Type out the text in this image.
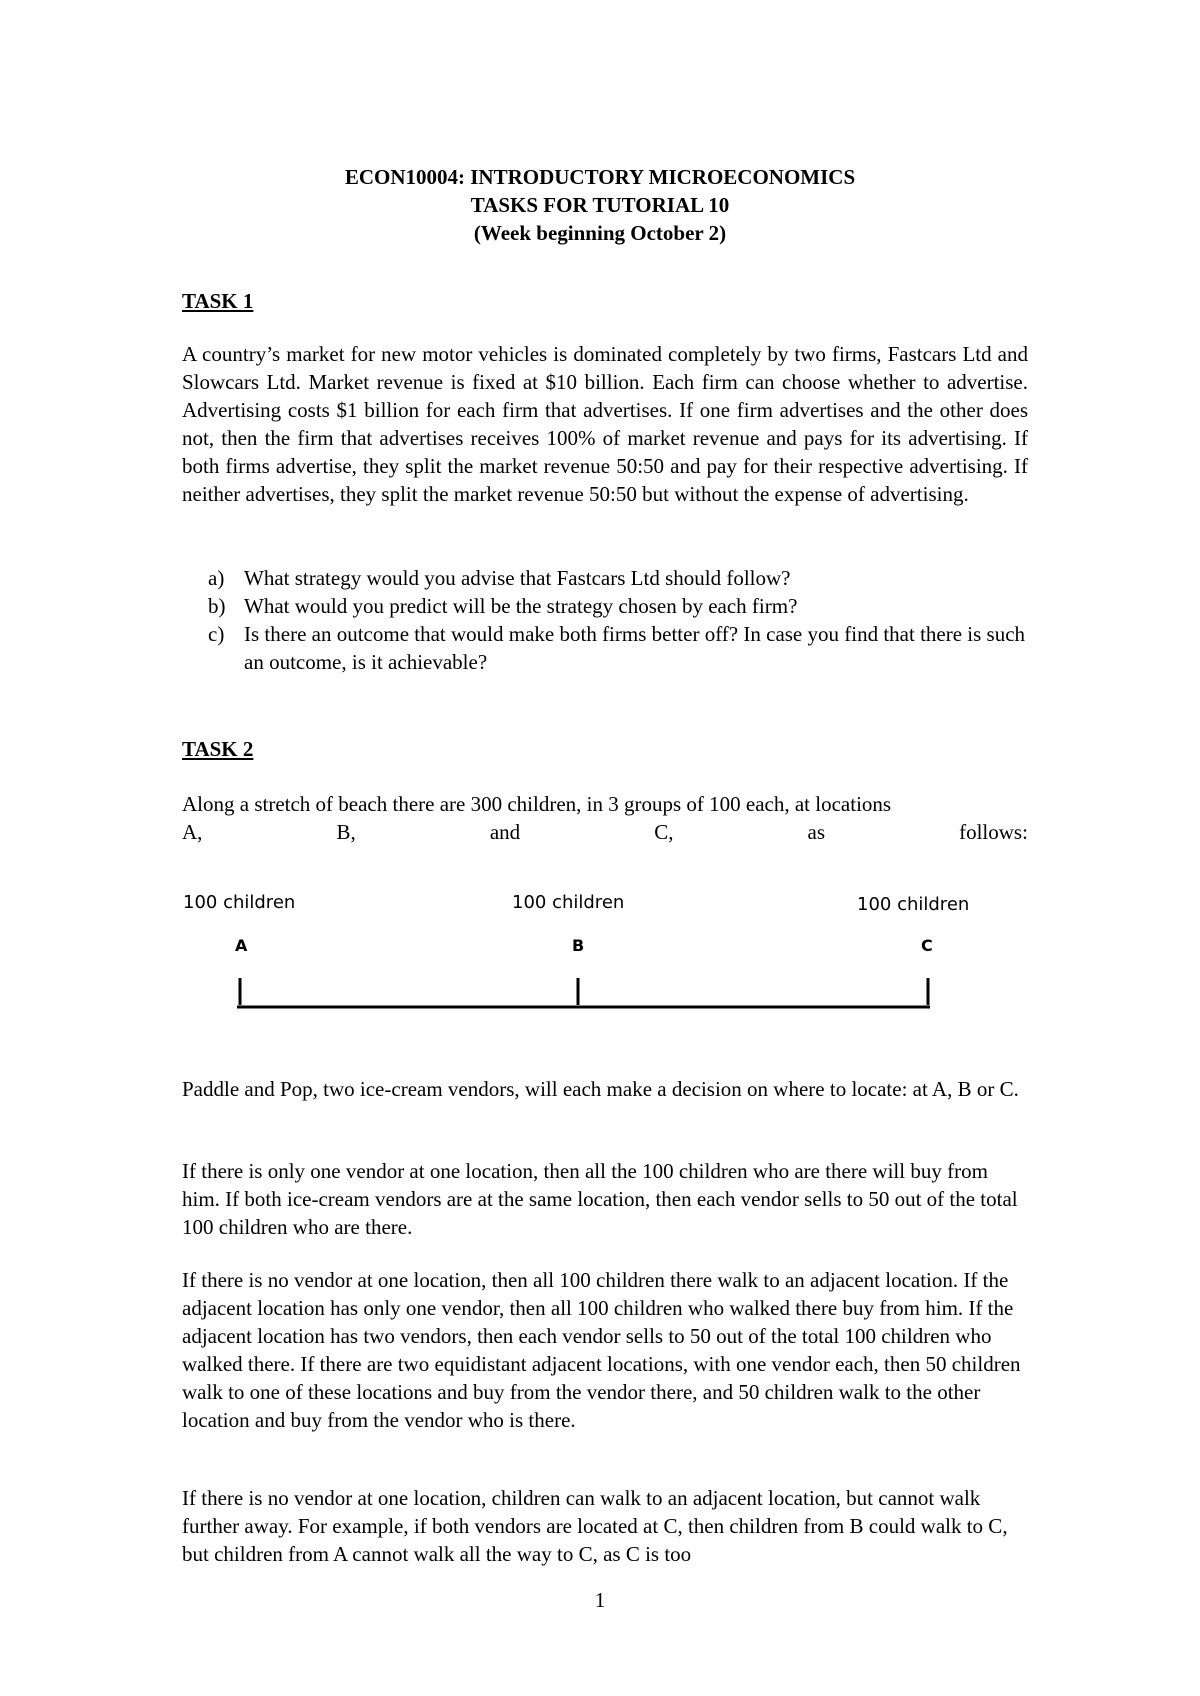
ECON10004: INTRODUCTORY MICROECONOMICS
TASKS FOR TUTORIAL 10
(Week beginning October 2)
TASK 1
A country’s market for new motor vehicles is dominated completely by two firms, Fastcars Ltd and Slowcars Ltd. Market revenue is fixed at $10 billion. Each firm can choose whether to advertise. Advertising costs $1 billion for each firm that advertises. If one firm advertises and the other does not, then the firm that advertises receives 100% of market revenue and pays for its advertising. If both firms advertise, they split the market revenue 50:50 and pay for their respective advertising. If neither advertises, they split the market revenue 50:50 but without the expense of advertising.
a) What strategy would you advise that Fastcars Ltd should follow?
b) What would you predict will be the strategy chosen by each firm?
c) Is there an outcome that would make both firms better off? In case you find that there is such an outcome, is it achievable?
TASK 2
Along a stretch of beach there are 300 children, in 3 groups of 100 each, at locations
A,	B,	and	C,	as	follows:
100 children	100 children	100 children
A	B	C
Paddle and Pop, two ice-cream vendors, will each make a decision on where to locate: at A, B or C.
If there is only one vendor at one location, then all the 100 children who are there will buy from him. If both ice-cream vendors are at the same location, then each vendor sells to 50 out of the total 100 children who are there.
If there is no vendor at one location, then all 100 children there walk to an adjacent location. If the adjacent location has only one vendor, then all 100 children who walked there buy from him. If the adjacent location has two vendors, then each vendor sells to 50 out of the total 100 children who walked there. If there are two equidistant adjacent locations, with one vendor each, then 50 children walk to one of these locations and buy from the vendor there, and 50 children walk to the other location and buy from the vendor who is there.
If there is no vendor at one location, children can walk to an adjacent location, but cannot walk further away. For example, if both vendors are located at C, then children from B could walk to C, but children from A cannot walk all the way to C, as C is too
1
